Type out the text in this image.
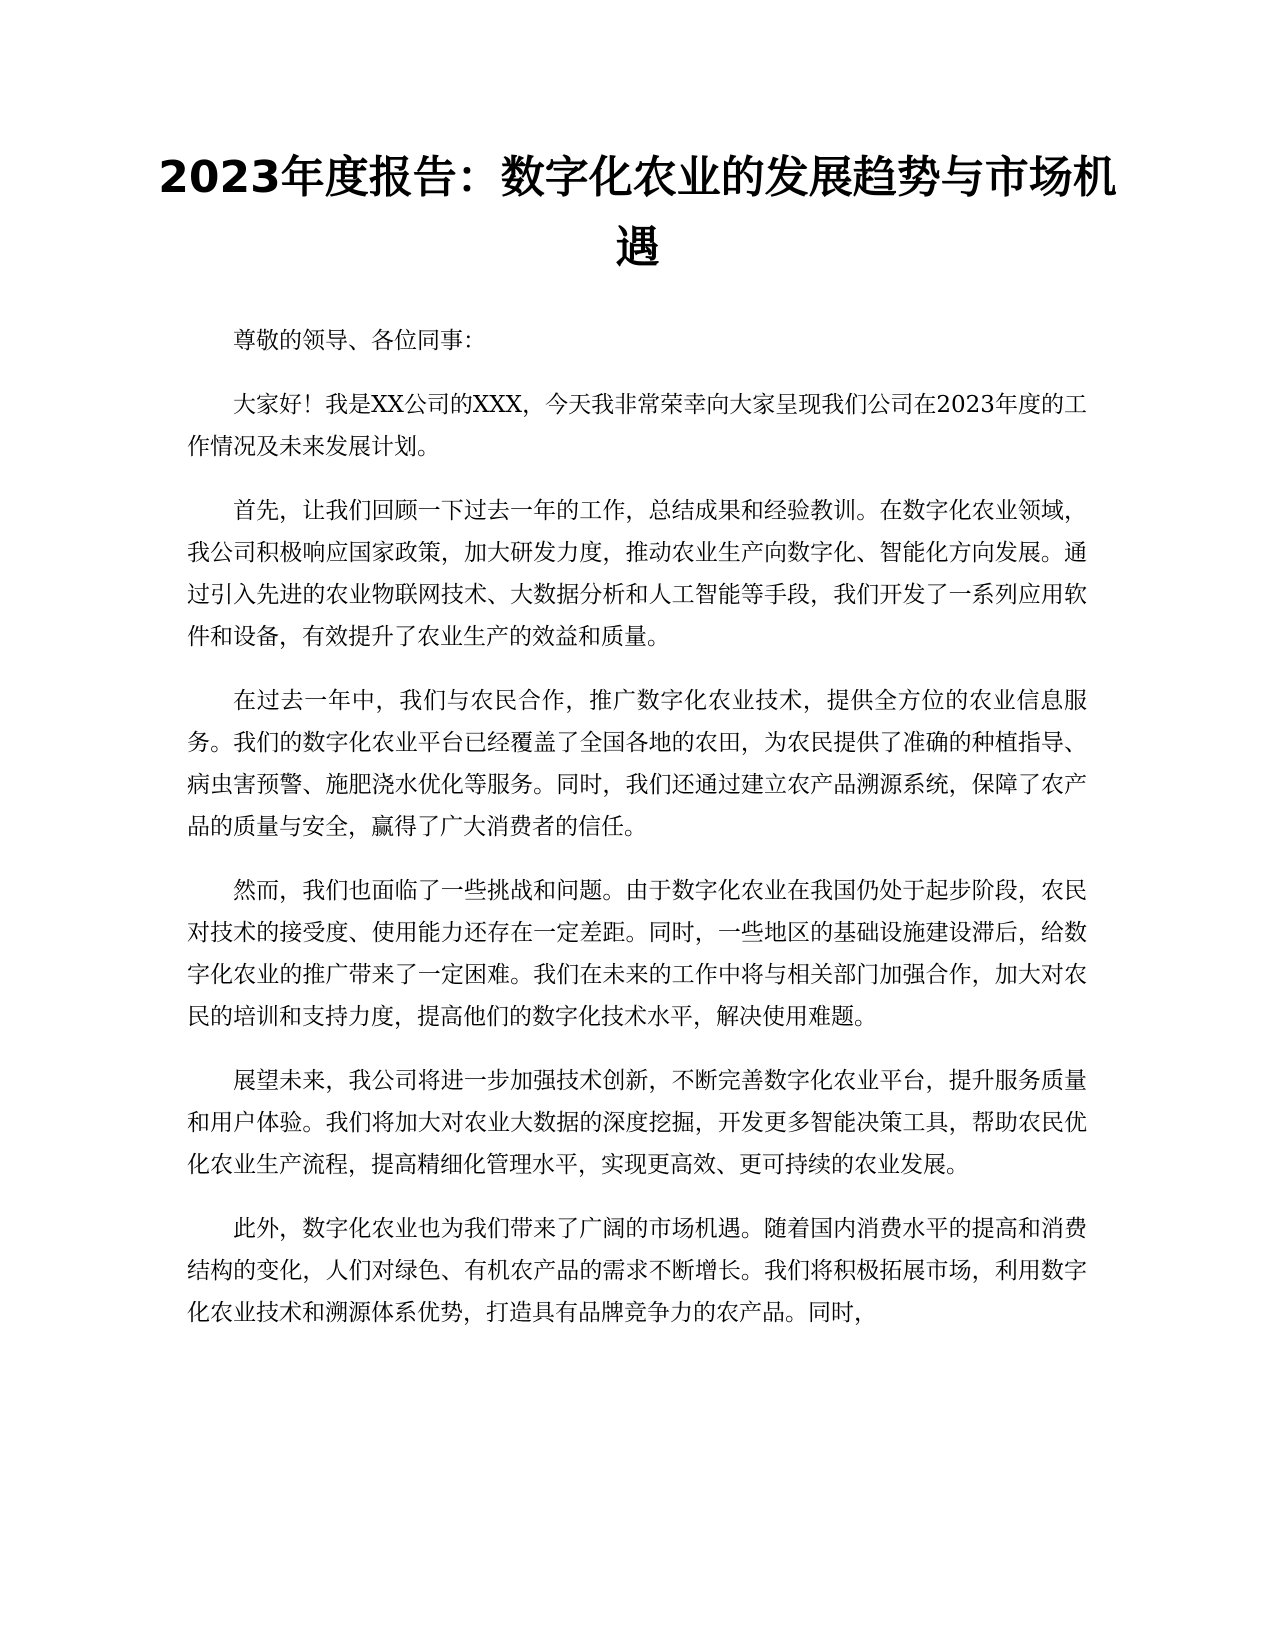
2023年度报告：数字化农业的发展趋势与市场机遇

尊敬的领导、各位同事：

大家好！我是XX公司的XXX，今天我非常荣幸向大家呈现我们公司在2023年度的工作情况及未来发展计划。

首先，让我们回顾一下过去一年的工作，总结成果和经验教训。在数字化农业领域，我公司积极响应国家政策，加大研发力度，推动农业生产向数字化、智能化方向发展。通过引入先进的农业物联网技术、大数据分析和人工智能等手段，我们开发了一系列应用软件和设备，有效提升了农业生产的效益和质量。

在过去一年中，我们与农民合作，推广数字化农业技术，提供全方位的农业信息服务。我们的数字化农业平台已经覆盖了全国各地的农田，为农民提供了准确的种植指导、病虫害预警、施肥浇水优化等服务。同时，我们还通过建立农产品溯源系统，保障了农产品的质量与安全，赢得了广大消费者的信任。

然而，我们也面临了一些挑战和问题。由于数字化农业在我国仍处于起步阶段，农民对技术的接受度、使用能力还存在一定差距。同时，一些地区的基础设施建设滞后，给数字化农业的推广带来了一定困难。我们在未来的工作中将与相关部门加强合作，加大对农民的培训和支持力度，提高他们的数字化技术水平，解决使用难题。

展望未来，我公司将进一步加强技术创新，不断完善数字化农业平台，提升服务质量和用户体验。我们将加大对农业大数据的深度挖掘，开发更多智能决策工具，帮助农民优化农业生产流程，提高精细化管理水平，实现更高效、更可持续的农业发展。

此外，数字化农业也为我们带来了广阔的市场机遇。随着国内消费水平的提高和消费结构的变化，人们对绿色、有机农产品的需求不断增长。我们将积极拓展市场，利用数字化农业技术和溯源体系优势，打造具有品牌竞争力的农产品。同时，
